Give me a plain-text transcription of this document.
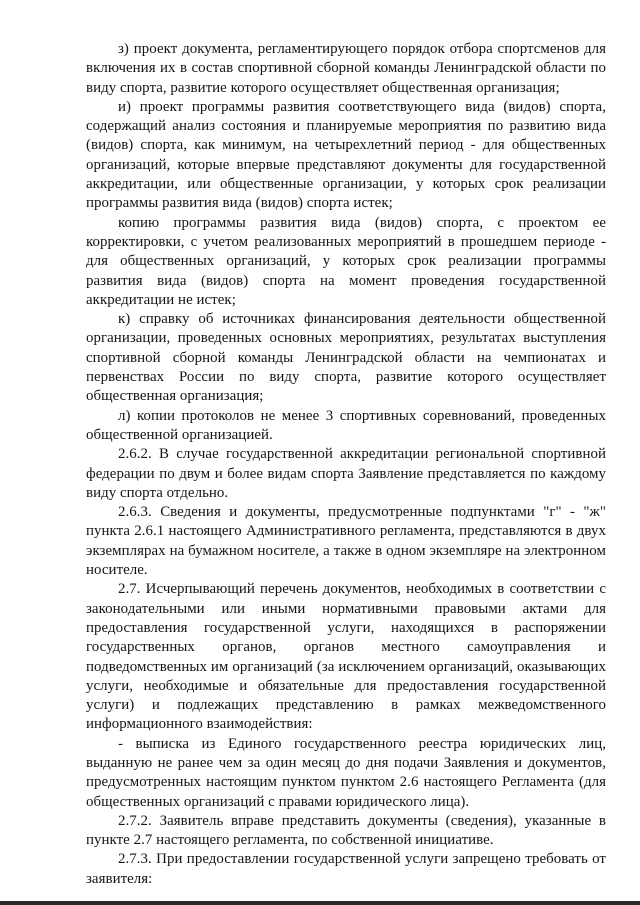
з) проект документа, регламентирующего порядок отбора спортсменов для включения их в состав спортивной сборной команды Ленинградской области по виду спорта, развитие которого осуществляет общественная организация;

и) проект программы развития соответствующего вида (видов) спорта, содержащий анализ состояния и планируемые мероприятия по развитию вида (видов) спорта, как минимум, на четырехлетний период - для общественных организаций, которые впервые представляют документы для государственной аккредитации, или общественные организации, у которых срок реализации программы развития вида (видов) спорта истек;

копию программы развития вида (видов) спорта, с проектом ее корректировки, с учетом реализованных мероприятий в прошедшем периоде - для общественных организаций, у которых срок реализации программы развития вида (видов) спорта на момент проведения государственной аккредитации не истек;

к) справку об источниках финансирования деятельности общественной организации, проведенных основных мероприятиях, результатах выступления спортивной сборной команды Ленинградской области на чемпионатах и первенствах России по виду спорта, развитие которого осуществляет общественная организация;

л) копии протоколов не менее 3 спортивных соревнований, проведенных общественной организацией.

2.6.2. В случае государственной аккредитации региональной спортивной федерации по двум и более видам спорта Заявление представляется по каждому виду спорта отдельно.

2.6.3. Сведения и документы, предусмотренные подпунктами "г" - "ж" пункта 2.6.1 настоящего Административного регламента, представляются в двух экземплярах на бумажном носителе, а также в одном экземпляре на электронном носителе.

2.7. Исчерпывающий перечень документов, необходимых в соответствии с законодательными или иными нормативными правовыми актами для предоставления государственной услуги, находящихся в распоряжении государственных органов, органов местного самоуправления и подведомственных им организаций (за исключением организаций, оказывающих услуги, необходимые и обязательные для предоставления государственной услуги) и подлежащих представлению в рамках межведомственного информационного взаимодействия:

- выписка из Единого государственного реестра юридических лиц, выданную не ранее чем за один месяц до дня подачи Заявления и документов, предусмотренных настоящим пунктом пунктом 2.6 настоящего Регламента (для общественных организаций с правами юридического лица).

2.7.2. Заявитель вправе представить документы (сведения), указанные в пункте 2.7 настоящего регламента, по собственной инициативе.

2.7.3. При предоставлении государственной услуги запрещено требовать от заявителя:
